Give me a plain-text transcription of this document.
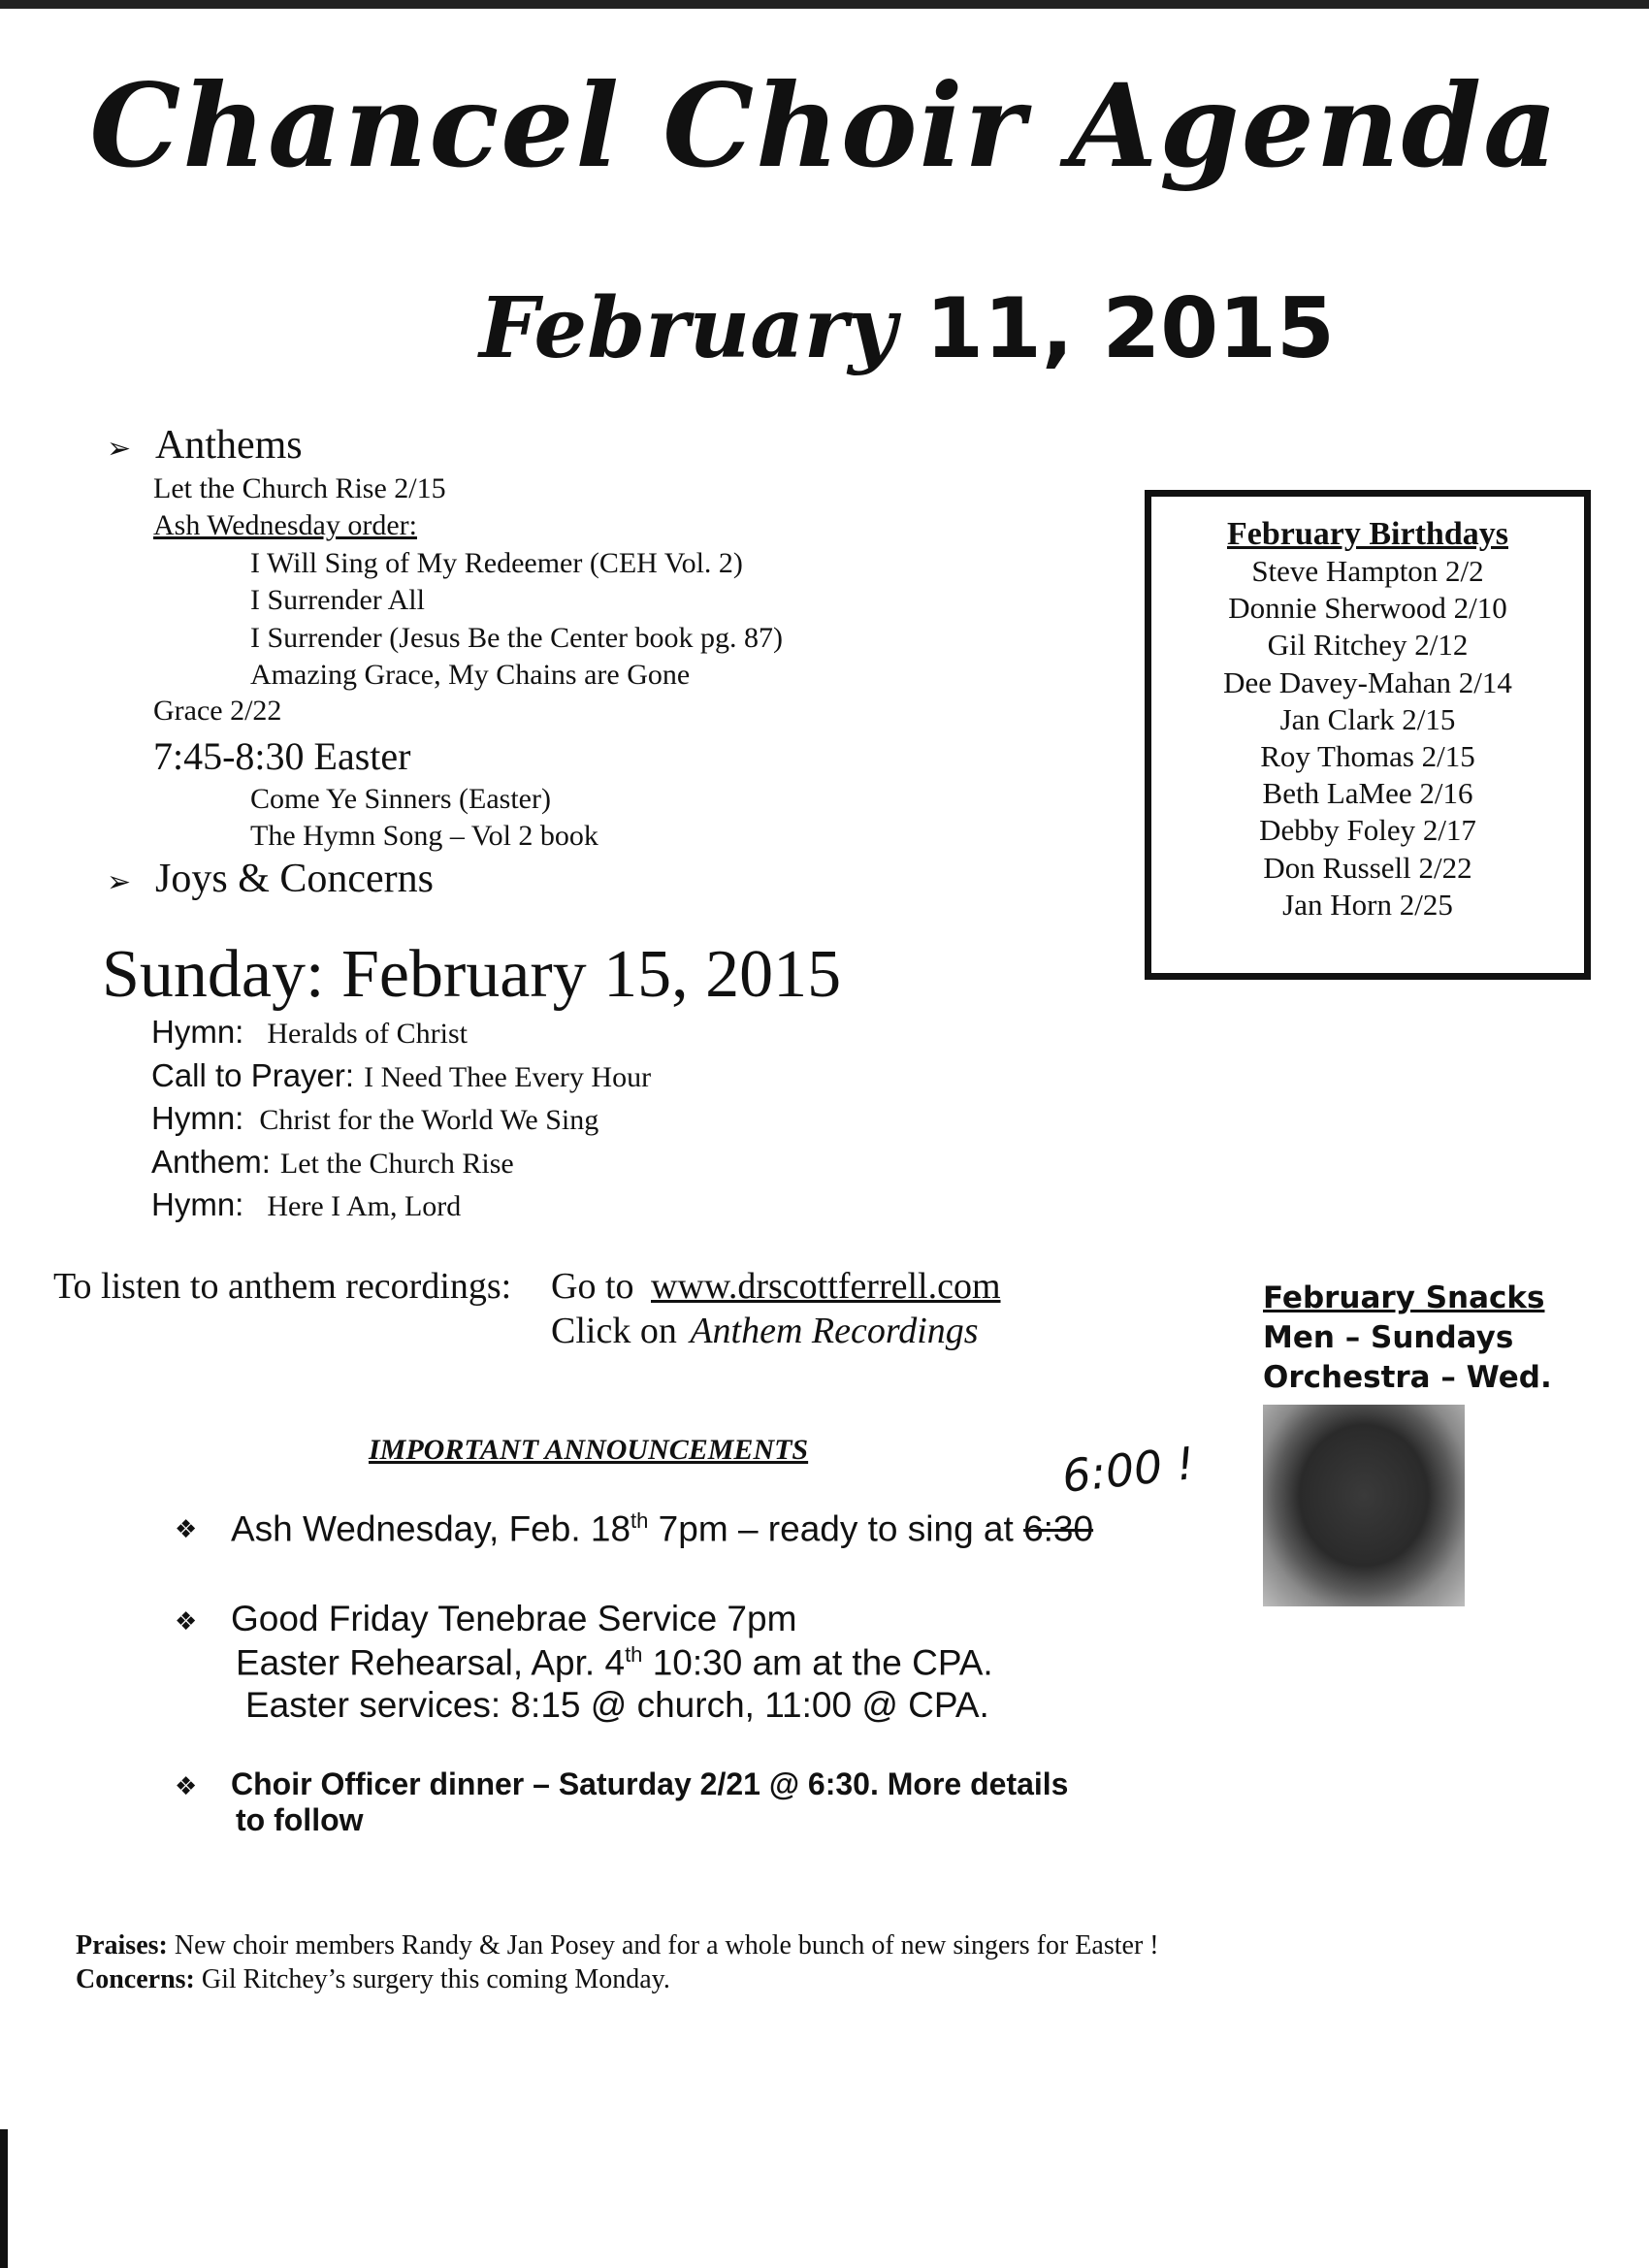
Chancel Choir Agenda
February 11, 2015
➢ Anthems
Let the Church Rise 2/15
Ash Wednesday order:
I Will Sing of My Redeemer (CEH Vol. 2)
I Surrender All
I Surrender (Jesus Be the Center book pg. 87)
Amazing Grace, My Chains are Gone
Grace 2/22
7:45-8:30 Easter
Come Ye Sinners (Easter)
The Hymn Song – Vol 2 book
➢ Joys & Concerns
February Birthdays
Steve Hampton 2/2
Donnie Sherwood 2/10
Gil Ritchey 2/12
Dee Davey-Mahan 2/14
Jan Clark 2/15
Roy Thomas 2/15
Beth LaMee 2/16
Debby Foley 2/17
Don Russell 2/22
Jan Horn 2/25
Sunday: February 15, 2015
Hymn: Heralds of Christ
Call to Prayer: I Need Thee Every Hour
Hymn: Christ for the World We Sing
Anthem: Let the Church Rise
Hymn: Here I Am, Lord
To listen to anthem recordings: Go to www.drscottferrell.com
Click on Anthem Recordings
February Snacks
Men – Sundays
Orchestra – Wed.
IMPORTANT ANNOUNCEMENTS	6:00 !
❖ Ash Wednesday, Feb. 18th 7pm – ready to sing at 6:30
❖ Good Friday Tenebrae Service 7pm
Easter Rehearsal, Apr. 4th 10:30 am at the CPA.
Easter services: 8:15 @ church, 11:00 @ CPA.
❖ Choir Officer dinner – Saturday 2/21 @ 6:30. More details
to follow
Praises: New choir members Randy & Jan Posey and for a whole bunch of new singers for Easter !
Concerns: Gil Ritchey’s surgery this coming Monday.
